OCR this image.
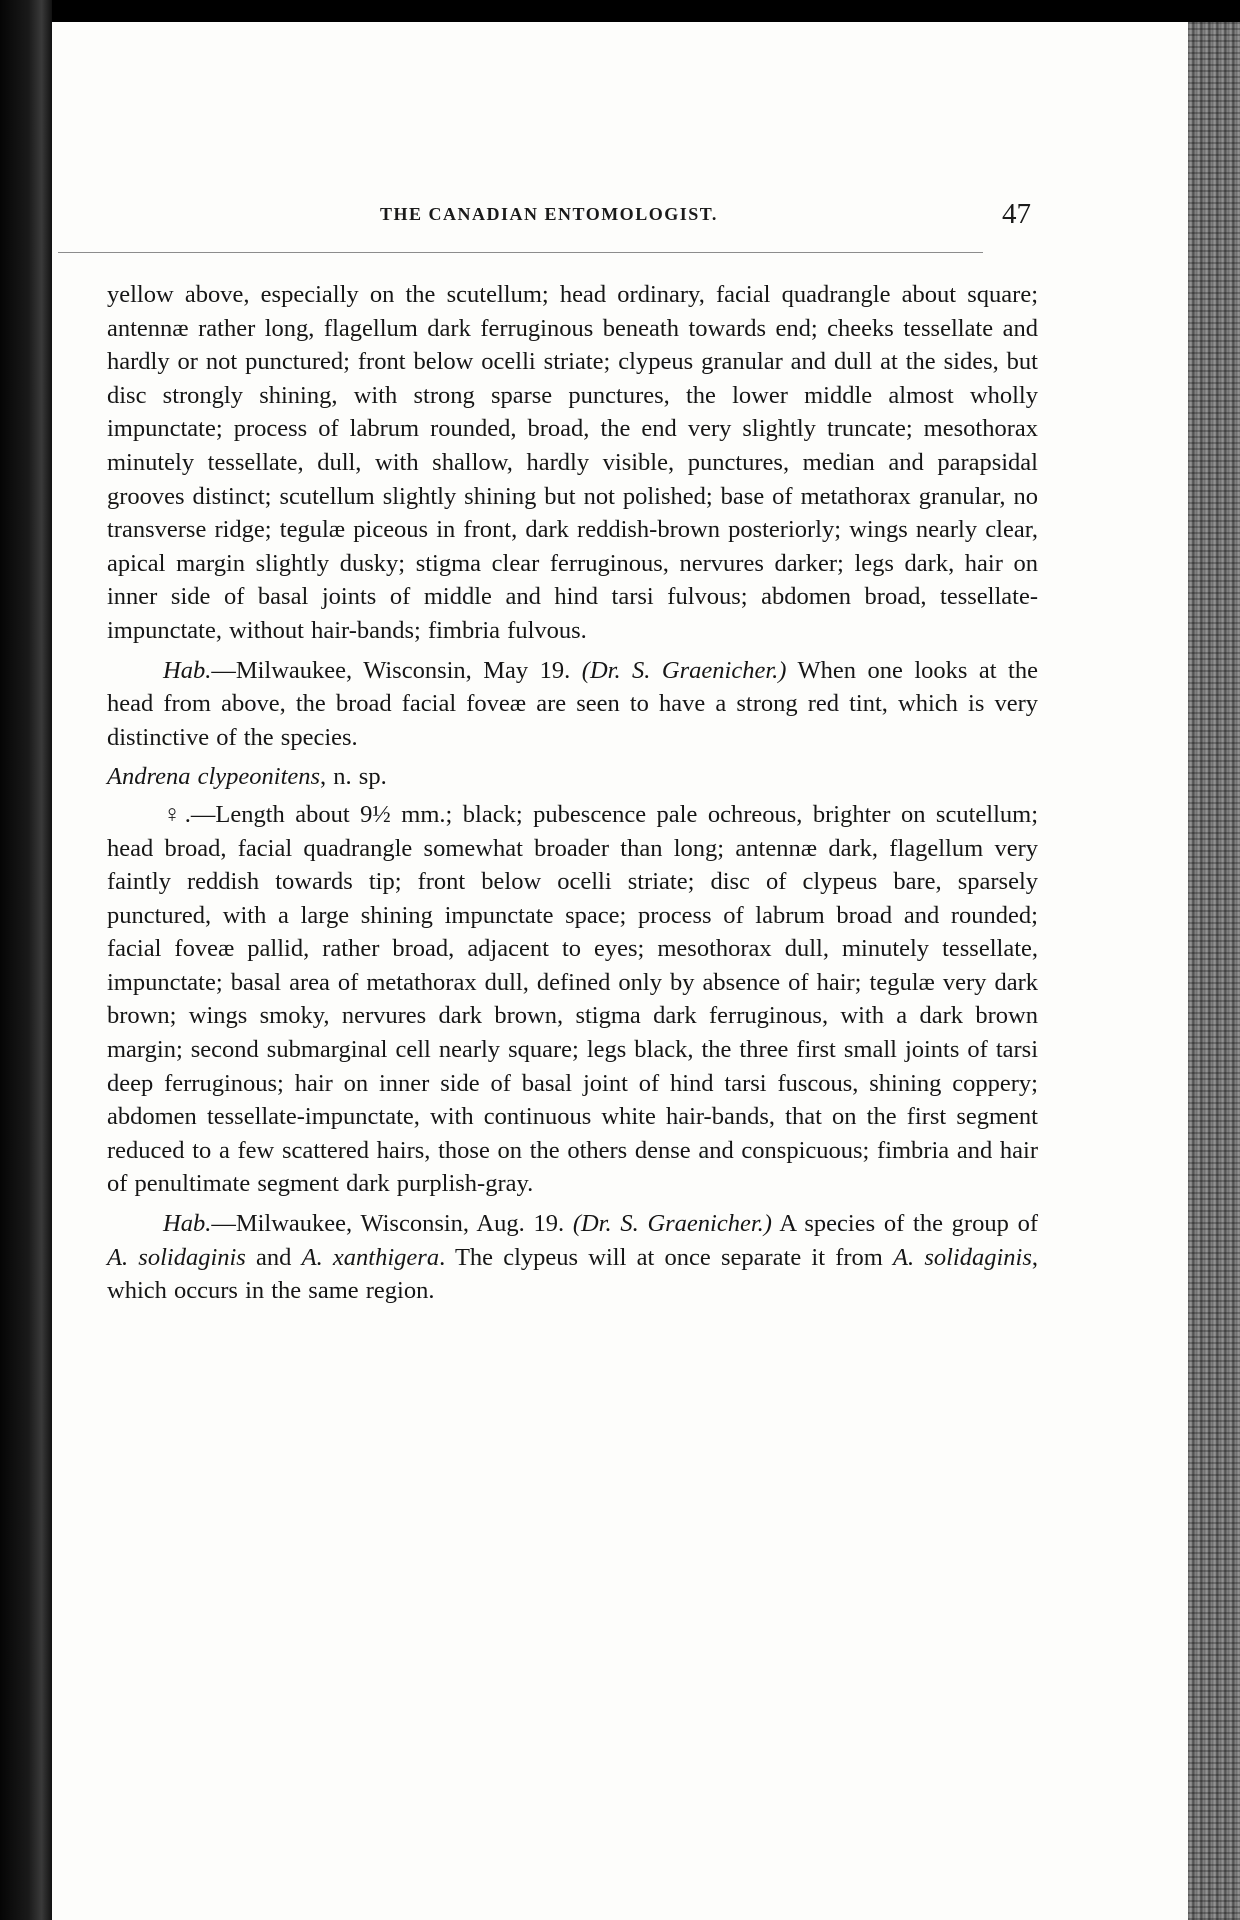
THE CANADIAN ENTOMOLOGIST.	47

yellow above, especially on the scutellum; head ordinary, facial quadrangle about square; antennæ rather long, flagellum dark ferruginous beneath towards end; cheeks tessellate and hardly or not punctured; front below ocelli striate; clypeus granular and dull at the sides, but disc strongly shining, with strong sparse punctures, the lower middle almost wholly impunctate; process of labrum rounded, broad, the end very slightly truncate; mesothorax minutely tessellate, dull, with shallow, hardly visible, punctures, median and parapsidal grooves distinct; scutellum slightly shining but not polished; base of metathorax granular, no transverse ridge; tegulæ piceous in front, dark reddish-brown posteriorly; wings nearly clear, apical margin slightly dusky; stigma clear ferruginous, nervures darker; legs dark, hair on inner side of basal joints of middle and hind tarsi fulvous; abdomen broad, tessellate-impunctate, without hair-bands; fimbria fulvous.

Hab.—Milwaukee, Wisconsin, May 19. (Dr. S. Graenicher.) When one looks at the head from above, the broad facial foveæ are seen to have a strong red tint, which is very distinctive of the species.

Andrena clypeonitens, n. sp.

♀.—Length about 9½ mm.; black; pubescence pale ochreous, brighter on scutellum; head broad, facial quadrangle somewhat broader than long; antennæ dark, flagellum very faintly reddish towards tip; front below ocelli striate; disc of clypeus bare, sparsely punctured, with a large shining impunctate space; process of labrum broad and rounded; facial foveæ pallid, rather broad, adjacent to eyes; mesothorax dull, minutely tessellate, impunctate; basal area of metathorax dull, defined only by absence of hair; tegulæ very dark brown; wings smoky, nervures dark brown, stigma dark ferruginous, with a dark brown margin; second submarginal cell nearly square; legs black, the three first small joints of tarsi deep ferruginous; hair on inner side of basal joint of hind tarsi fuscous, shining coppery; abdomen tessellate-impunctate, with continuous white hair-bands, that on the first segment reduced to a few scattered hairs, those on the others dense and conspicuous; fimbria and hair of penultimate segment dark purplish-gray.

Hab.—Milwaukee, Wisconsin, Aug. 19. (Dr. S. Graenicher.) A species of the group of A. solidaginis and A. xanthigera. The clypeus will at once separate it from A. solidaginis, which occurs in the same region.
